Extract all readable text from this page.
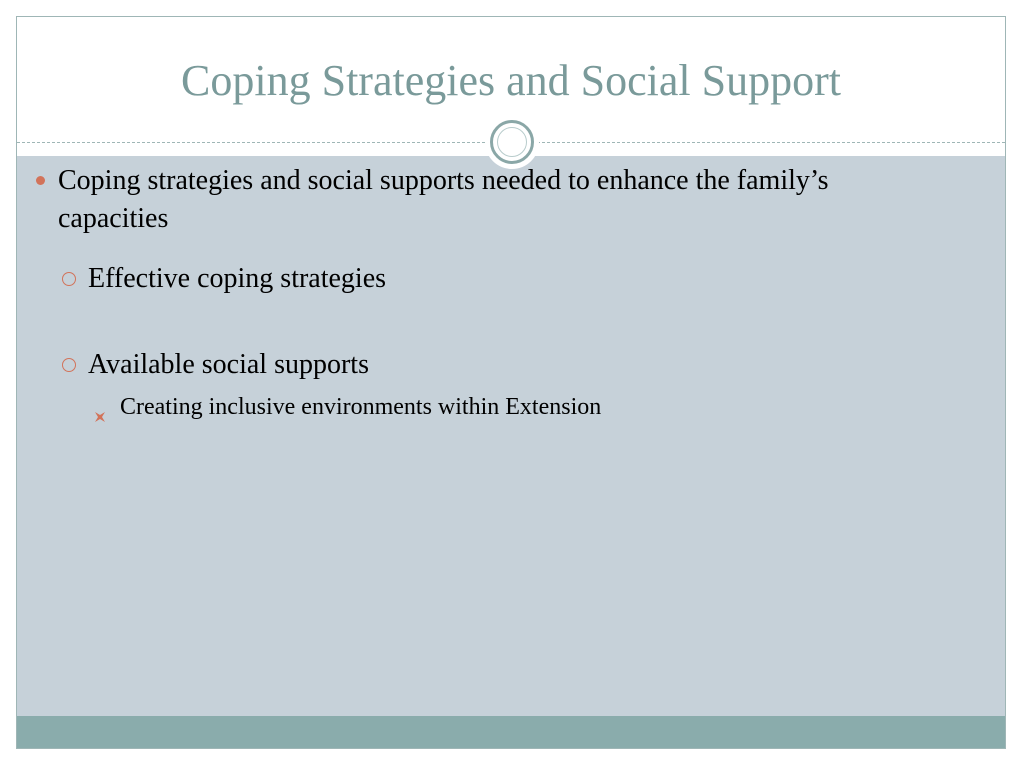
Coping Strategies and Social Support
Coping strategies and social supports needed to enhance the family’s capacities
Effective coping strategies
Available social supports
Creating inclusive environments within Extension
